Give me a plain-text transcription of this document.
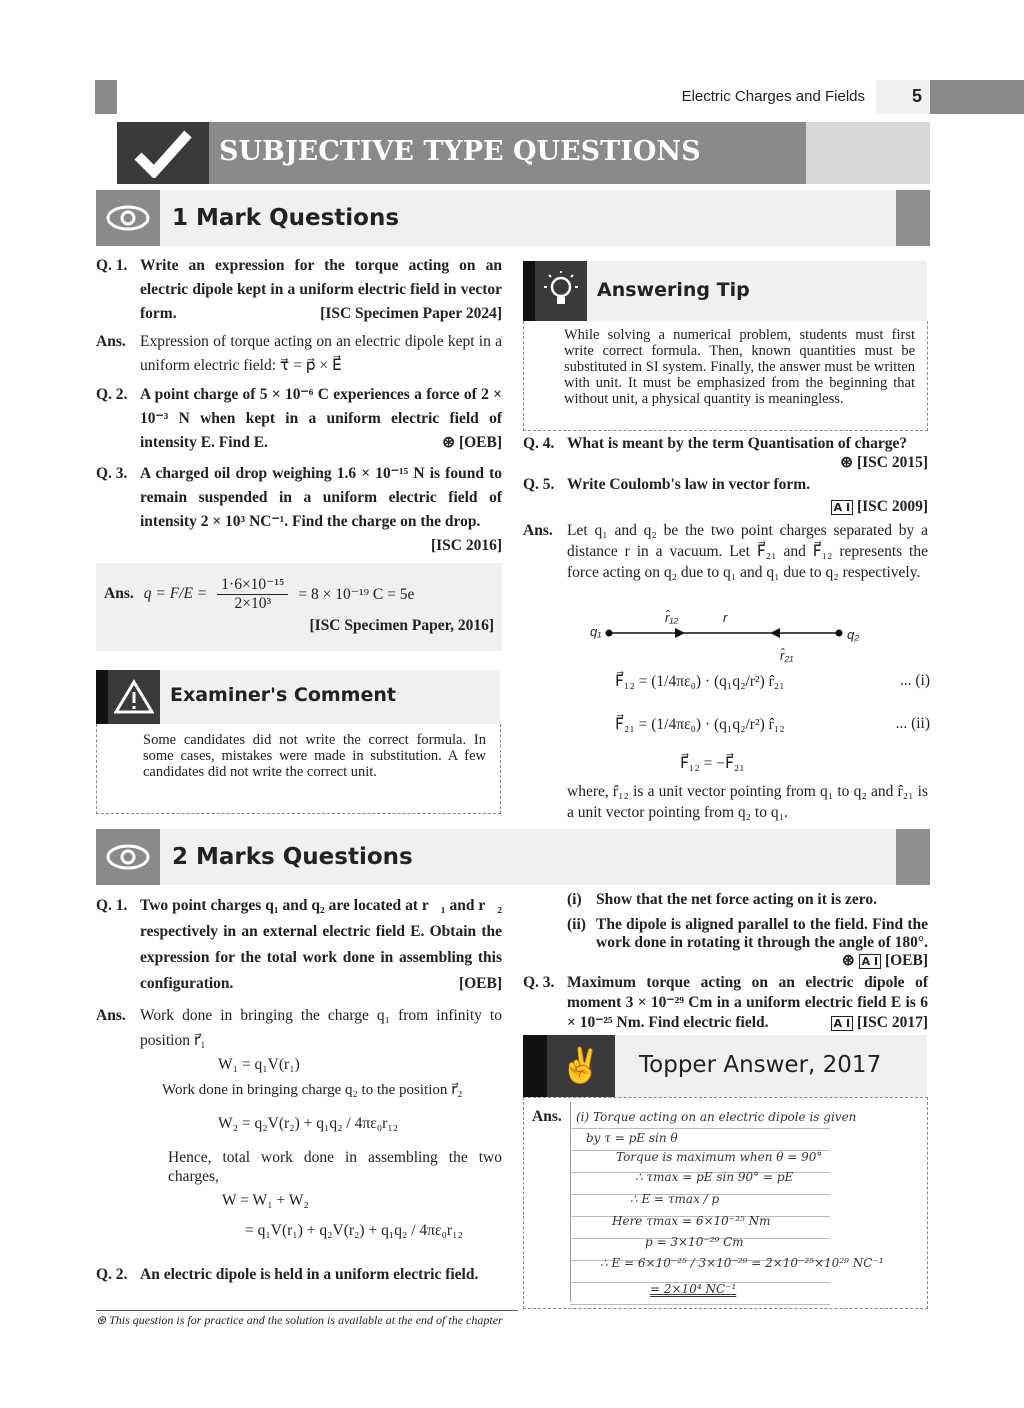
Electric Charges and Fields	5
SUBJECTIVE TYPE QUESTIONS
1 Mark Questions
Q. 1. Write an expression for the torque acting on an electric dipole kept in a uniform electric field in vector form.	[ISC Specimen Paper 2024]
Ans. Expression of torque acting on an electric dipole kept in a uniform electric field: τ⃗ = p⃗ × E⃗
Q. 2. A point charge of 5 × 10⁻⁶ C experiences a force of 2 × 10⁻³ N when kept in a uniform electric field of intensity E. Find E.	⊛ [OEB]
Q. 3. A charged oil drop weighing 1.6 × 10⁻¹⁵ N is found to remain suspended in a uniform electric field of intensity 2 × 10³ NC⁻¹. Find the charge on the drop.
[ISC 2016]
Ans. $q = F/E = \frac{\text{1·6×10⁻¹⁵}}{\text{2×10³}} = 8 \times 10^{-19}$ C = 5e
[ISC Specimen Paper, 2016]
Examiner's Comment
Some candidates did not write the correct formula. In some cases, mistakes were made in substitution. A few candidates did not write the correct unit.
Answering Tip
While solving a numerical problem, students must first write correct formula. Then, known quantities must be substituted in SI system. Finally, the answer must be written with unit. It must be emphasized from the beginning that without unit, a physical quantity is meaningless.
Q. 4. What is meant by the term Quantisation of charge?
⊛ [ISC 2015]
Q. 5. Write Coulomb's law in vector form.
A I [ISC 2009]
Ans. Let q₁ and q₂ be the two point charges separated by a distance r in a vacuum. Let F⃗₂₁ and F⃗₁₂ represents the force acting on q₂ due to q₁ and q₁ due to q₂ respectively.
q₁
r̂₁₂	r
r̂₂₁
q₂
F⃗₁₂ = (1/4πε₀) · (q₁q₂/r²) r̂₂₁	... (i)
F⃗₂₁ = (1/4πε₀) · (q₁q₂/r²) r̂₁₂	... (ii)
F⃗₁₂ = −F⃗₂₁
where, r̂₁₂ is a unit vector pointing from q₁ to q₂ and r̂₂₁ is a unit vector pointing from q₂ to q₁.
2 Marks Questions
Q. 1. Two point charges q₁ and q₂ are located at r⃗₁ and r⃗₂ respectively in an external electric field E. Obtain the expression for the total work done in assembling this configuration.	[OEB]
Ans. Work done in bringing the charge q₁ from infinity to position r⃗₁
W₁ = q₁V(r₁)
Work done in bringing charge q₂ to the position r⃗₂
W₂ = q₂V(r₂) + q₁q₂ / 4πε₀r₁₂
Hence, total work done in assembling the two charges,
W = W₁ + W₂
= q₁V(r₁) + q₂V(r₂) + q₁q₂ / 4πε₀r₁₂
Q. 2. An electric dipole is held in a uniform electric field.
(i) Show that the net force acting on it is zero.
(ii) The dipole is aligned parallel to the field. Find the work done in rotating it through the angle of 180°.
⊛ A I [OEB]
Q. 3. Maximum torque acting on an electric dipole of moment 3 × 10⁻²⁹ Cm in a uniform electric field E is 6 × 10⁻²⁵ Nm. Find electric field.	A I [ISC 2017]
✌	Topper Answer, 2017
Ans. (i) Torque acting on an electric dipole is given
by τ = pE sin θ
Torque is maximum when θ = 90°
∴ τmax = pE sin 90° = pE
∴ E = τmax / p
Here τmax = 6×10⁻²⁵ Nm
p = 3×10⁻²⁹ Cm
∴ E = 6×10⁻²⁵ / 3×10⁻²⁹ = 2×10⁻²⁵×10²⁹ NC⁻¹
= 2×10⁴ NC⁻¹
⊛ This question is for practice and the solution is available at the end of the chapter
